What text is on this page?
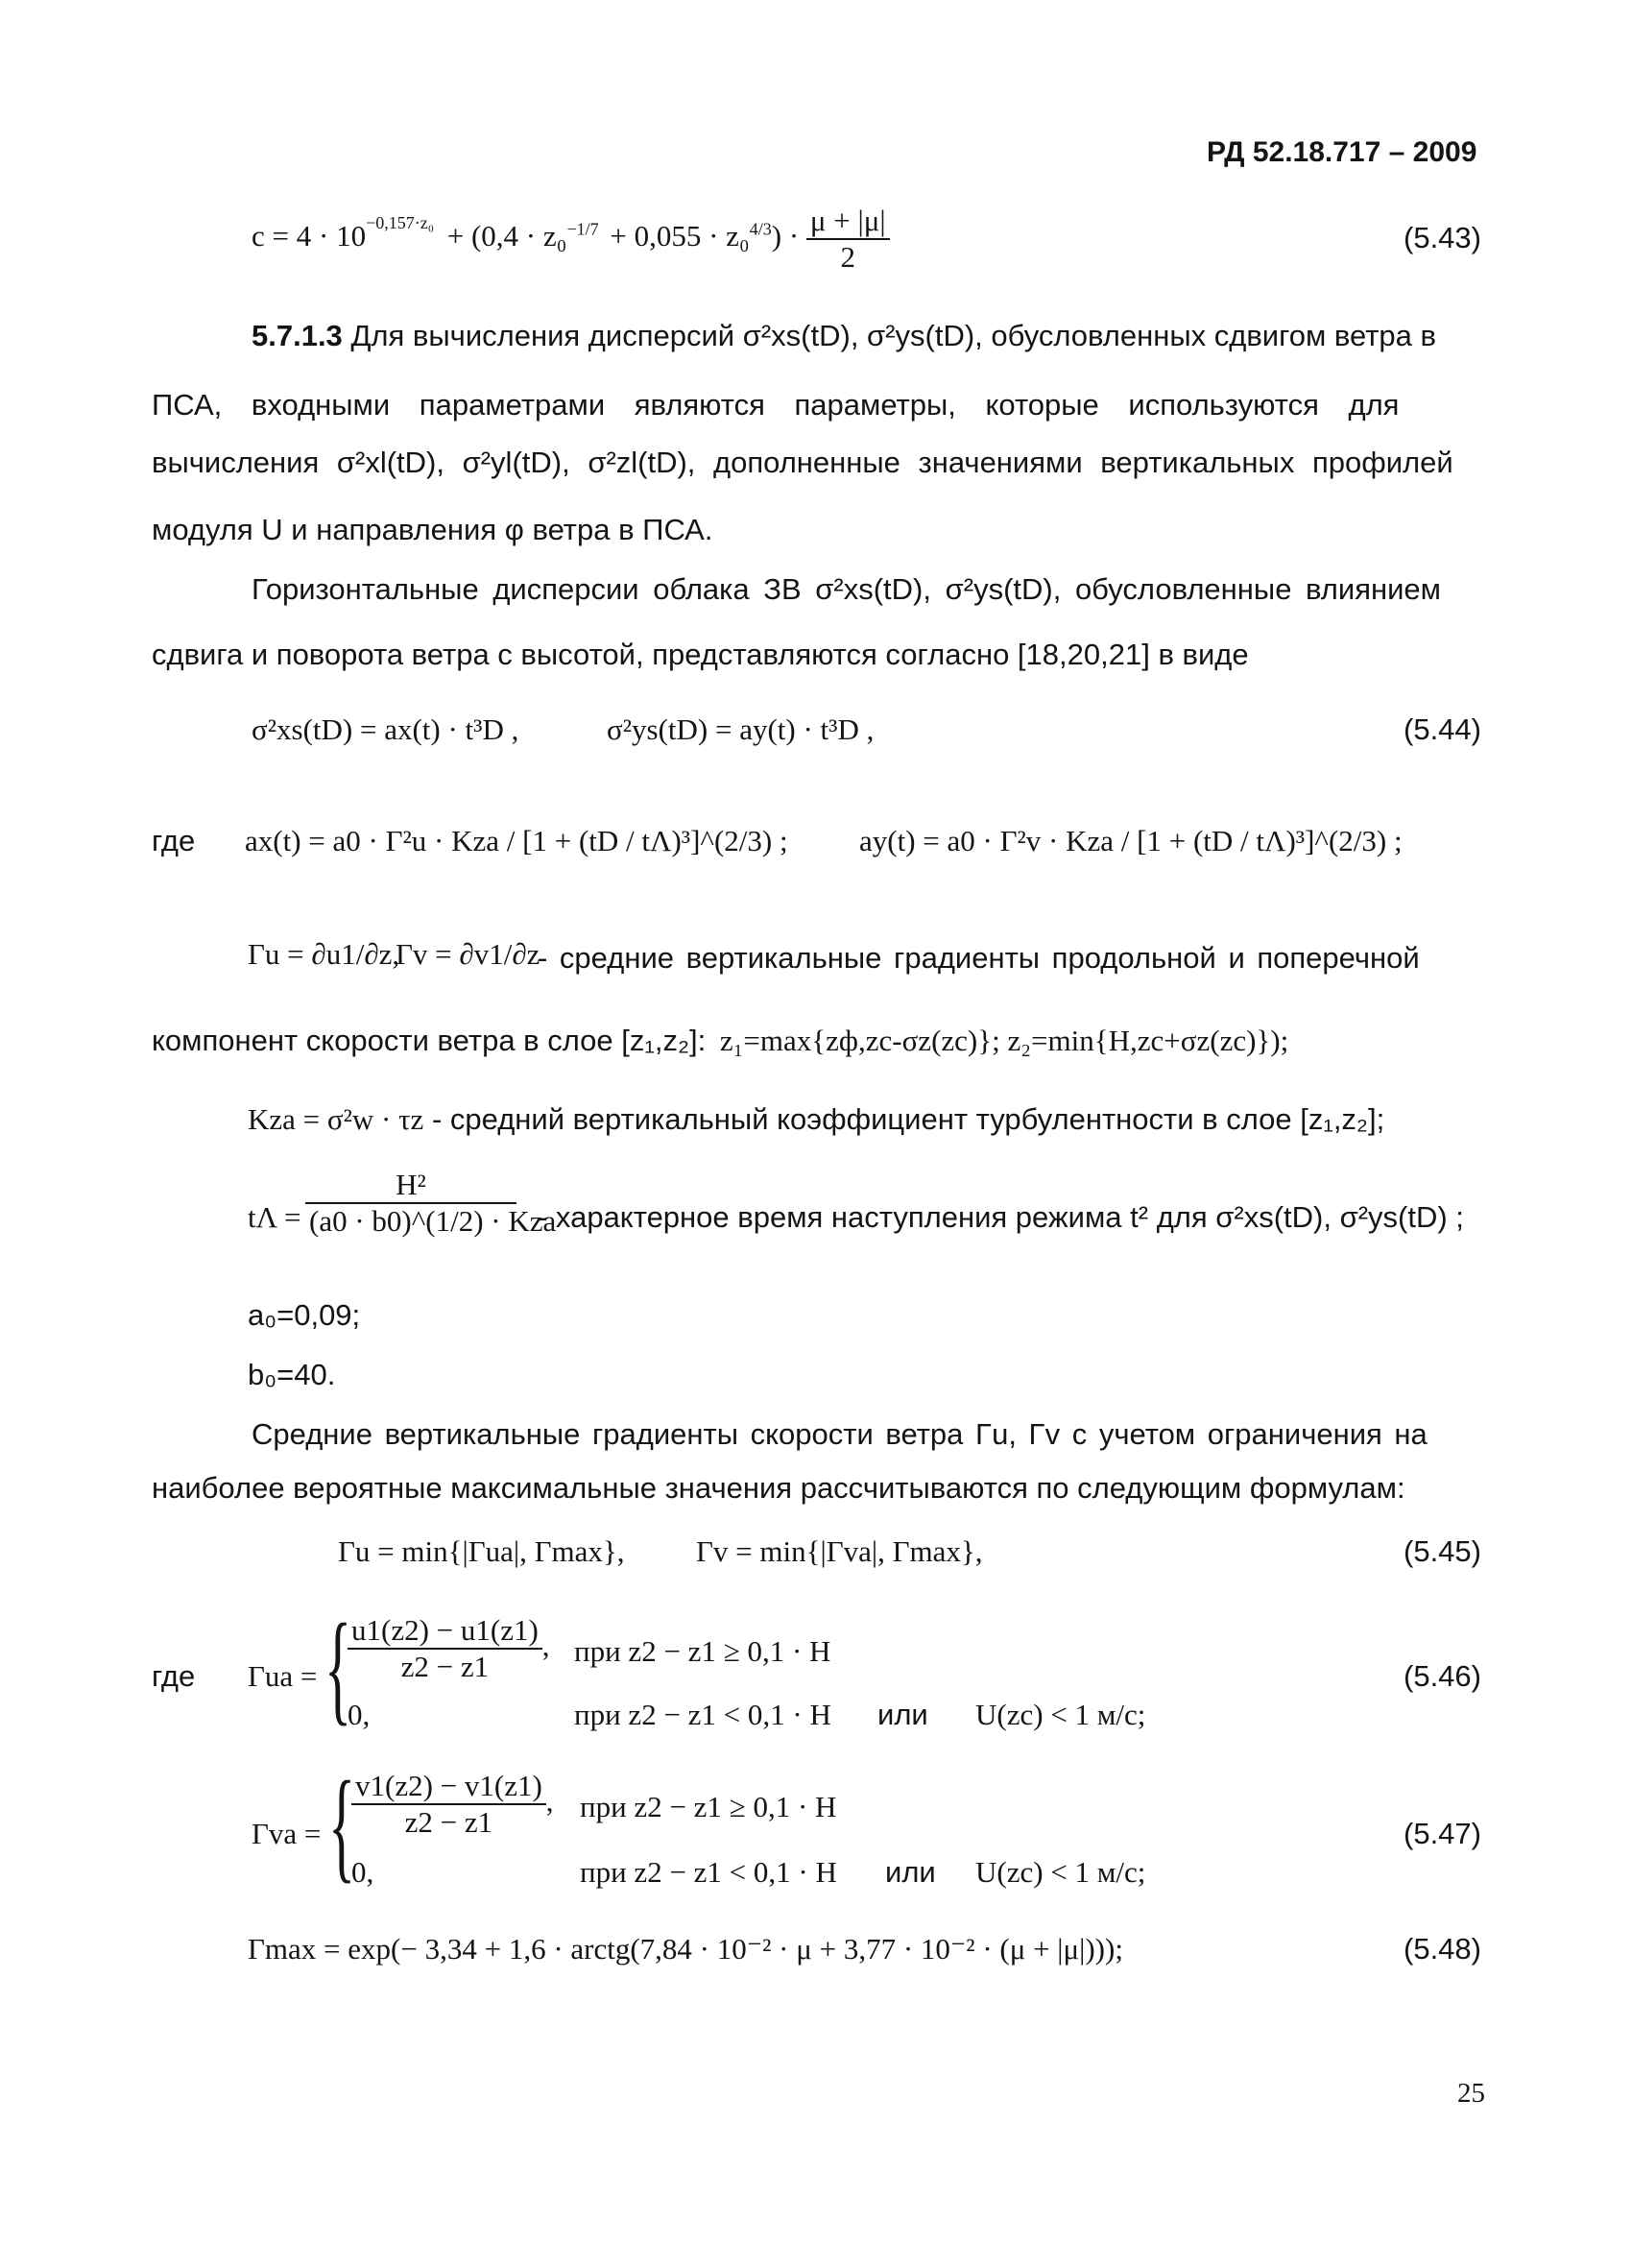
РД 52.18.717 – 2009
$c = 4 \cdot 10^{-0,157\cdot z_0} + (0,4 \cdot z_0^{-1/7} + 0,055 \cdot z_0^{4/3}) \cdot \frac{\mu + |\mu|}{2}$	(5.43)
5.7.1.3 Для вычисления дисперсий σ²xs(tD), σ²ys(tD), обусловленных сдвигом ветра в
ПСА, входными параметрами являются параметры, которые используются для
вычисления σ²xl(tD), σ²yl(tD), σ²zl(tD), дополненные значениями вертикальных профилей
модуля U и направления φ ветра в ПСА.
Горизонтальные дисперсии облака ЗВ σ²xs(tD), σ²ys(tD), обусловленные влиянием
сдвига и поворота ветра с высотой, представляются согласно [18,20,21] в виде
σ²xs(tD) = ax(t) · t³D ,	σ²ys(tD) = ay(t) · t³D ,	(5.44)
где ax(t) = a0 · Γ²u · Kza / [1 + (tD / tΛ)³]^(2/3) ; ay(t) = a0 · Γ²v · Kza / [1 + (tD / tΛ)³]^(2/3) ;
Γu = ∂u1/∂z,
Γv = ∂v1/∂z
- средние вертикальные градиенты продольной и поперечной
компонент скорости ветра в слое [z₁,z₂]: z₁=max{zф,zc-σz(zc)}; z₂=min{H,zc+σz(zc)});
Kza = σ²w · τz - средний вертикальный коэффициент турбулентности в слое [z₁,z₂];
$t\Lambda = \frac{\text{H²}}{\text{(a0 · b0)\textasciicircum{}(1/2) · Kza}}$ - характерное время наступления режима t² для σ²xs(tD), σ²ys(tD) ;
a₀=0,09;
b₀=40.
Средние вертикальные градиенты скорости ветра Γu, Γv с учетом ограничения на
наиболее вероятные максимальные значения рассчитываются по следующим формулам:
Γu = min{|Γua|, Γmax}, Γv = min{|Γva|, Γmax},	(5.45)
где Γua = {
$\frac{u1(z2) - u1(z1)}{z2 - z1}$ , при z2 − z1 ≥ 0,1 · H
0,	при z2 − z1 < 0,1 · H или U(zc) < 1 м/с;
(5.46)
Γva = {
$\frac{v1(z2) - v1(z1)}{z2 - z1}$ , при z2 − z1 ≥ 0,1 · H
0,	при z2 − z1 < 0,1 · H или U(zc) < 1 м/с;
(5.47)
Γmax = exp(− 3,34 + 1,6 · arctg(7,84 · 10⁻² · μ + 3,77 · 10⁻² · (μ + |μ|)));	(5.48)
25
